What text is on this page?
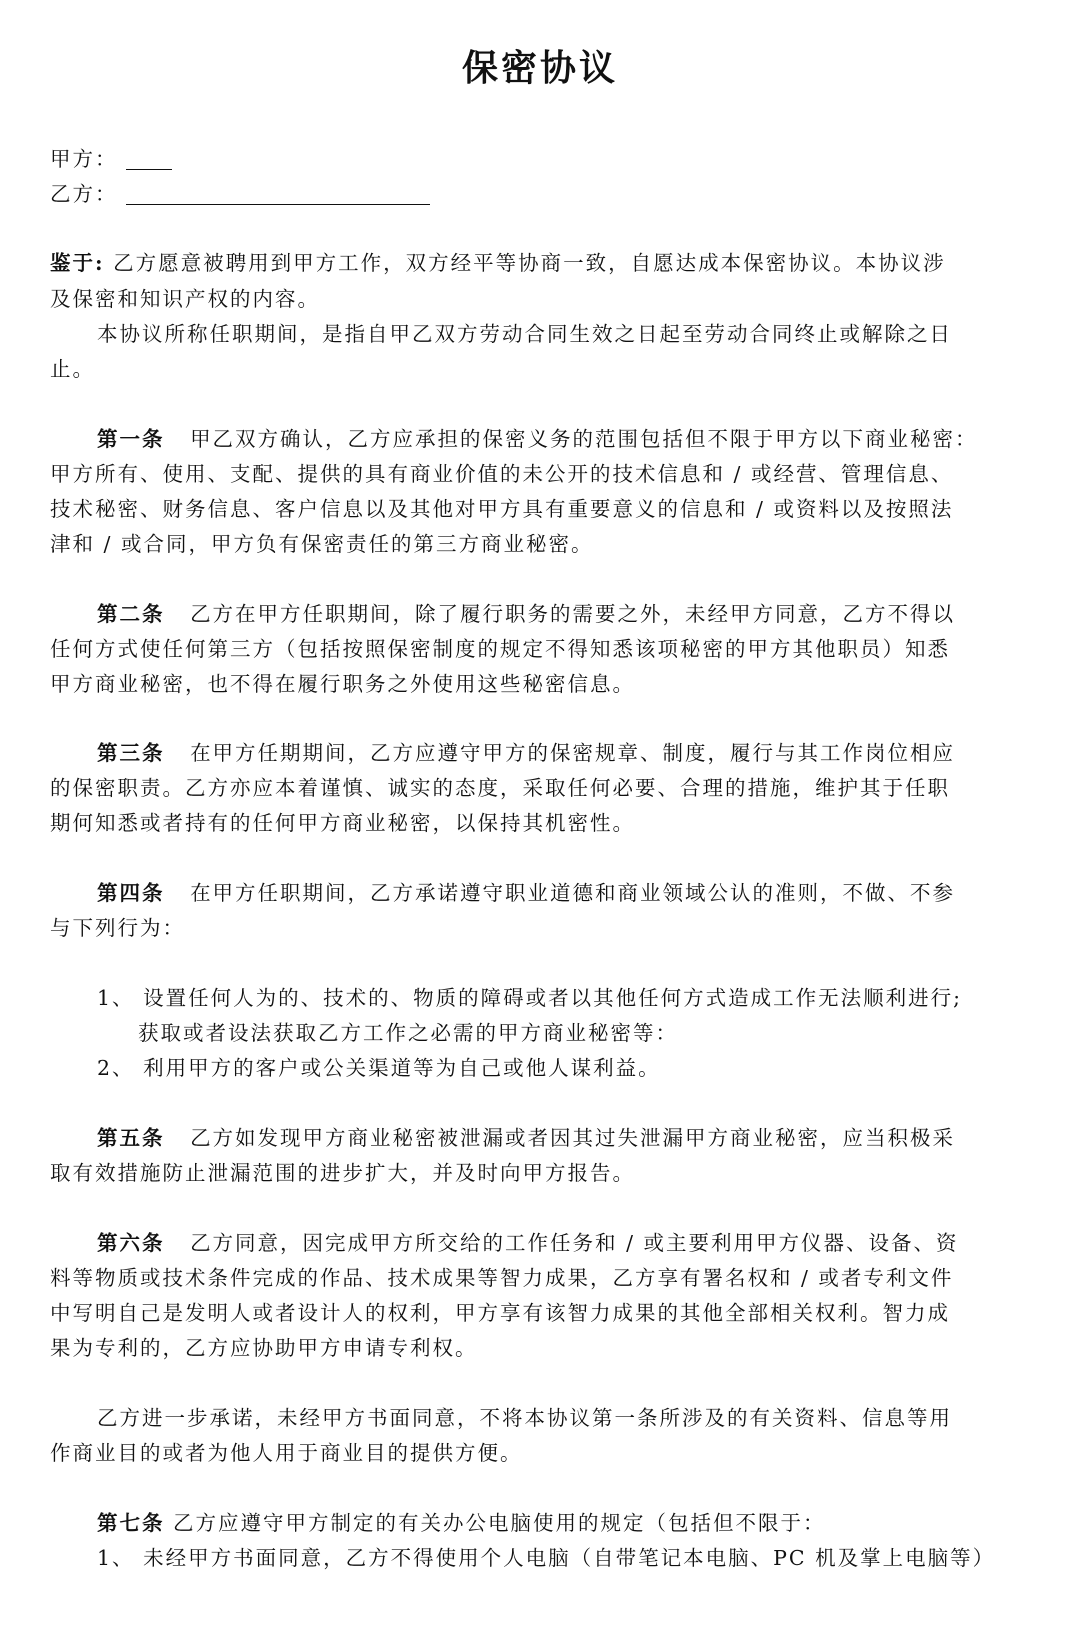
保密协议
甲方：
乙方：
鉴于: 乙方愿意被聘用到甲方工作，双方经平等协商一致，自愿达成本保密协议。本协议涉
及保密和知识产权的内容。
本协议所称任职期间，是指自甲乙双方劳动合同生效之日起至劳动合同终止或解除之日
止。
第一条 甲乙双方确认，乙方应承担的保密义务的范围包括但不限于甲方以下商业秘密：
甲方所有、使用、支配、提供的具有商业价值的未公开的技术信息和 / 或经营、管理信息、
技术秘密、财务信息、客户信息以及其他对甲方具有重要意义的信息和 / 或资料以及按照法
津和 / 或合同，甲方负有保密责任的第三方商业秘密。
第二条 乙方在甲方任职期间，除了履行职务的需要之外，未经甲方同意，乙方不得以
任何方式使任何第三方（包括按照保密制度的规定不得知悉该项秘密的甲方其他职员）知悉
甲方商业秘密，也不得在履行职务之外使用这些秘密信息。
第三条 在甲方任期期间，乙方应遵守甲方的保密规章、制度，履行与其工作岗位相应
的保密职责。乙方亦应本着谨慎、诚实的态度，采取任何必要、合理的措施，维护其于任职
期何知悉或者持有的任何甲方商业秘密，以保持其机密性。
第四条 在甲方任职期间，乙方承诺遵守职业道德和商业领域公认的准则，不做、不参
与下列行为：
1、 设置任何人为的、技术的、物质的障碍或者以其他任何方式造成工作无法顺利进行;
获取或者设法获取乙方工作之必需的甲方商业秘密等：
2、 利用甲方的客户或公关渠道等为自己或他人谋利益。
第五条 乙方如发现甲方商业秘密被泄漏或者因其过失泄漏甲方商业秘密，应当积极采
取有效措施防止泄漏范围的进步扩大，并及时向甲方报告。
第六条 乙方同意，因完成甲方所交给的工作任务和 / 或主要利用甲方仪器、设备、资
料等物质或技术条件完成的作品、技术成果等智力成果，乙方享有署名权和 / 或者专利文件
中写明自己是发明人或者设计人的权利，甲方享有该智力成果的其他全部相关权利。智力成
果为专利的，乙方应协助甲方申请专利权。
乙方进一步承诺，未经甲方书面同意，不将本协议第一条所涉及的有关资料、信息等用
作商业目的或者为他人用于商业目的提供方便。
第七条 乙方应遵守甲方制定的有关办公电脑使用的规定（包括但不限于：
1、 未经甲方书面同意，乙方不得使用个人电脑（自带笔记本电脑、PC 机及掌上电脑等）
